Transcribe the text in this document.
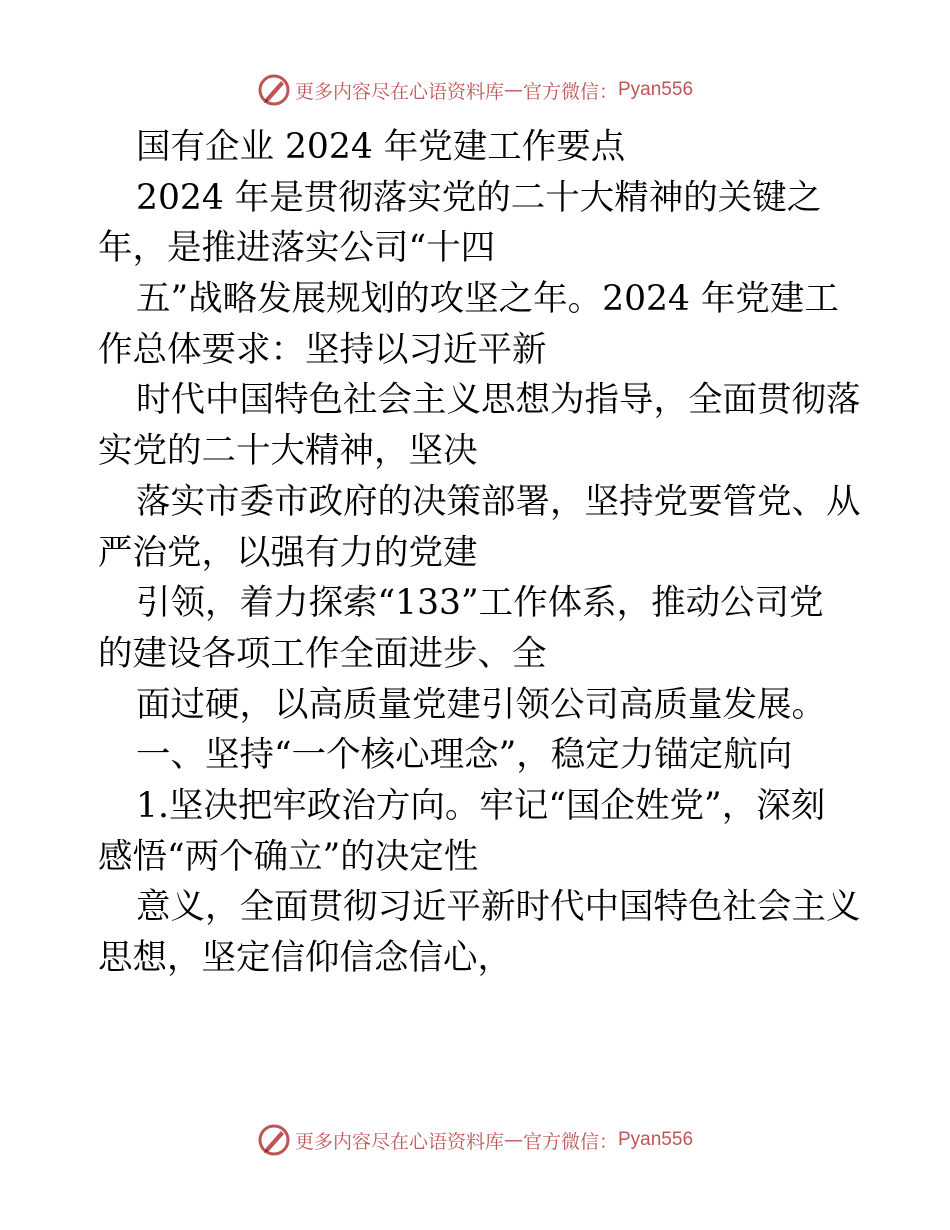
更多内容尽在心语资料库 — 官方微信： Pyan556
国有企业 2024 年党建工作要点
2024 年是贯彻落实党的二十大精神的关键之
年，是推进落实公司“十四
五”战略发展规划的攻坚之年。2024 年党建工
作总体要求：坚持以习近平新
时代中国特色社会主义思想为指导，全面贯彻落
实党的二十大精神，坚决
落实市委市政府的决策部署，坚持党要管党、从
严治党，以强有力的党建
引领，着力探索“133”工作体系，推动公司党
的建设各项工作全面进步、全
面过硬，以高质量党建引领公司高质量发展。
一、坚持“一个核心理念”，稳定力锚定航向
1.坚决把牢政治方向。牢记“国企姓党”，深刻
感悟“两个确立”的决定性
意义，全面贯彻习近平新时代中国特色社会主义
思想，坚定信仰信念信心，
更多内容尽在心语资料库 — 官方微信： Pyan556
